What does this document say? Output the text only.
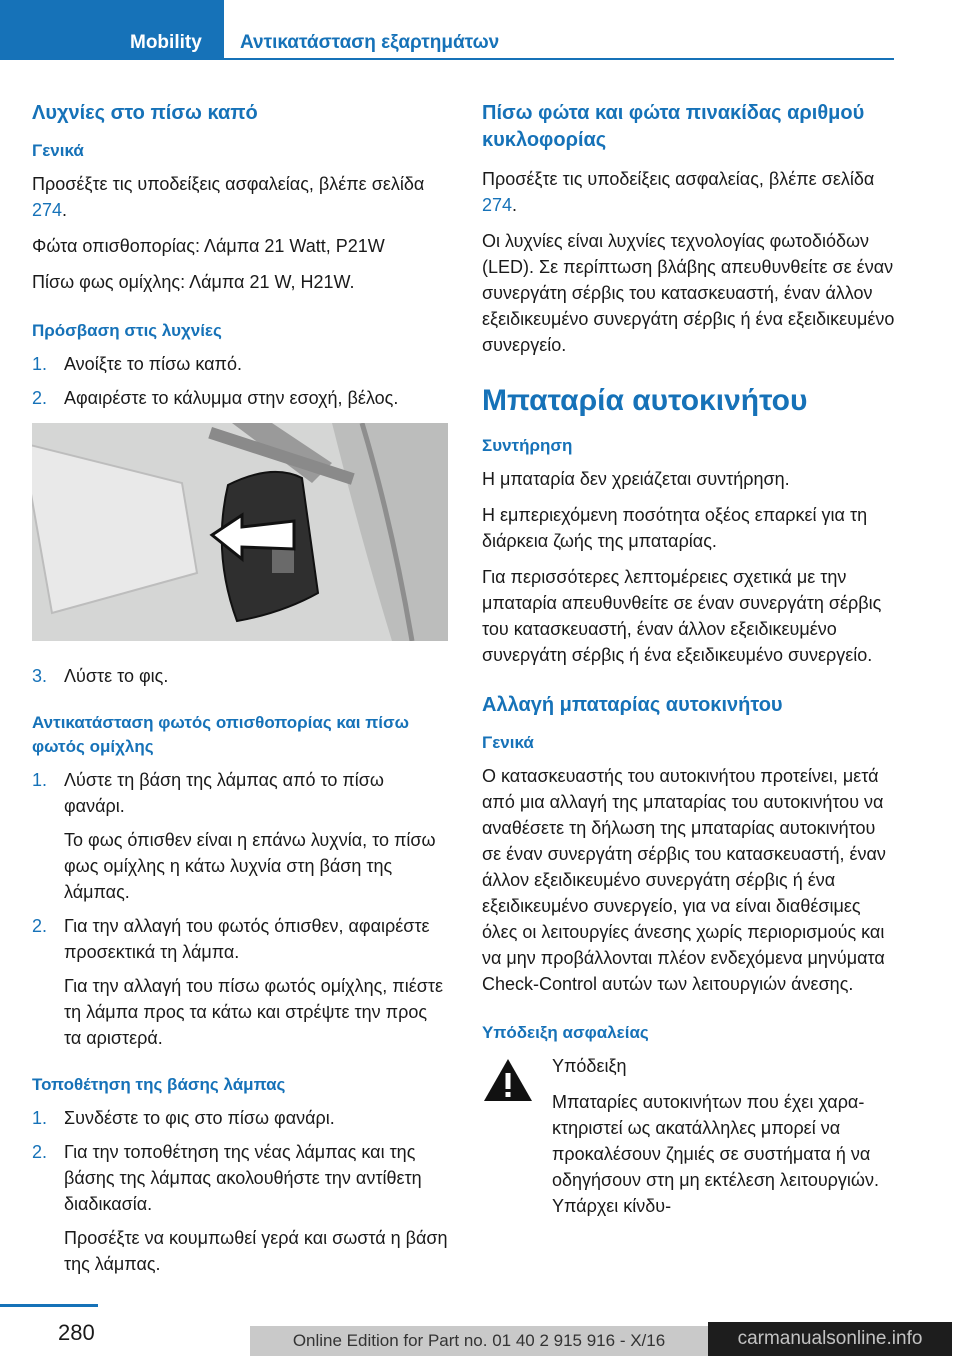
Mobility Αντικατάσταση εξαρτημάτων
Λυχνίες στο πίσω καπό
Γενικά

Προσέξτε τις υποδείξεις ασφαλείας, βλέπε σελίδα 274.

Φώτα οπισθοπορίας: Λάμπα 21 Watt, P21W

Πίσω φως ομίχλης: Λάμπα 21 W, H21W.

Πρόσβαση στις λυχνίες
1. Ανοίξτε το πίσω καπό.
2. Αφαιρέστε το κάλυμμα στην εσοχή, βέλος.
3. Λύστε το φις.
Αντικατάσταση φωτός οπισθοπορίας και πίσω φωτός ομίχλης
1. Λύστε τη βάση της λάμπας από το πίσω φανάρι.
Το φως όπισθεν είναι η επάνω λυχνία, το πίσω φως ομίχλης η κάτω λυχνία στη βάση της λάμπας.
2. Για την αλλαγή του φωτός όπισθεν, αφαιρέστε προσεκτικά τη λάμπα.
Για την αλλαγή του πίσω φωτός ομίχλης, πιέστε τη λάμπα προς τα κάτω και στρέψτε την προς τα αριστερά.
Τοποθέτηση της βάσης λάμπας
1. Συνδέστε το φις στο πίσω φανάρι.
2. Για την τοποθέτηση της νέας λάμπας και της βάσης της λάμπας ακολουθήστε την αντίθετη διαδικασία.
Προσέξτε να κουμπωθεί γερά και σωστά η βάση της λάμπας.
Πίσω φώτα και φώτα πινακίδας αριθμού κυκλοφορίας

Προσέξτε τις υποδείξεις ασφαλείας, βλέπε σελίδα 274.

Οι λυχνίες είναι λυχνίες τεχνολογίας φωτοδιόδων (LED). Σε περίπτωση βλάβης απευθυνθείτε σε έναν συνεργάτη σέρβις του κατασκευαστή, έναν άλλον εξειδικευμένο συνεργάτη σέρβις ή ένα εξειδικευμένο συνεργείο.

Μπαταρία αυτοκινήτου
Συντήρηση

Η μπαταρία δεν χρειάζεται συντήρηση.

Η εμπεριεχόμενη ποσότητα οξέος επαρκεί για τη διάρκεια ζωής της μπαταρίας.

Για περισσότερες λεπτομέρειες σχετικά με την μπαταρία απευθυνθείτε σε έναν συνεργάτη σέρβις του κατασκευαστή, έναν άλλον εξειδικευμένο συνεργάτη σέρβις ή ένα εξειδικευμένο συνεργείο.

Αλλαγή μπαταρίας αυτοκινήτου
Γενικά

Ο κατασκευαστής του αυτοκινήτου προτείνει, μετά από μια αλλαγή της μπαταρίας του αυτοκινήτου να αναθέσετε τη δήλωση της μπαταρίας αυτοκινήτου σε έναν συνεργάτη σέρβις του κατασκευαστή, έναν άλλον εξειδικευμένο συνεργάτη σέρβις ή ένα εξειδικευμένο συνεργείο, για να είναι διαθέσιμες όλες οι λειτουργίες άνεσης χωρίς περιορισμούς και να μην προβάλλονται πλέον ενδεχόμενα μηνύματα Check-Control αυτών των λειτουργιών άνεσης.

Υπόδειξη ασφαλείας

Υπόδειξη

Μπαταρίες αυτοκινήτων που έχει χαρακτηριστεί ως ακατάλληλες μπορεί να προκαλέσουν ζημιές σε συστήματα ή να οδηγήσουν στη μη εκτέλεση λειτουργιών. Υπάρχει κίνδυ-

280	Online Edition for Part no. 01 40 2 915 916 - X/16	carmanualsonline.info
